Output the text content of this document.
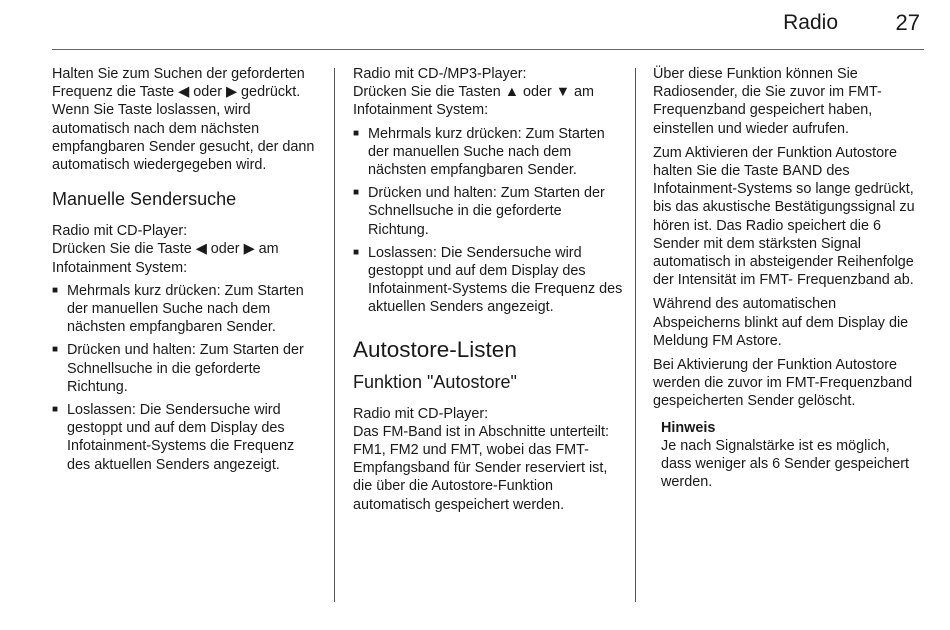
Radio	27

Halten Sie zum Suchen der geforderten Frequenz die Taste ◀ oder ▶ gedrückt. Wenn Sie Taste loslassen, wird automatisch nach dem nächsten empfangbaren Sender gesucht, der dann automatisch wiedergegeben wird.

Manuelle Sendersuche
Radio mit CD-Player:
Drücken Sie die Taste ◀ oder ▶ am Infotainment System:
■ Mehrmals kurz drücken: Zum Starten der manuellen Suche nach dem nächsten empfangbaren Sender.
■ Drücken und halten: Zum Starten der Schnellsuche in die geforderte Richtung.
■ Loslassen: Die Sendersuche wird gestoppt und auf dem Display des Infotainment-Systems die Frequenz des aktuellen Senders angezeigt.
Radio mit CD-/MP3-Player:
Drücken Sie die Tasten ▲ oder ▼ am Infotainment System:
■ Mehrmals kurz drücken: Zum Starten der manuellen Suche nach dem nächsten empfangbaren Sender.
■ Drücken und halten: Zum Starten der Schnellsuche in die geforderte Richtung.
■ Loslassen: Die Sendersuche wird gestoppt und auf dem Display des Infotainment-Systems die Frequenz des aktuellen Senders angezeigt.
Autostore-Listen
Funktion "Autostore"
Radio mit CD-Player:

Das FM-Band ist in Abschnitte unterteilt: FM1, FM2 und FMT, wobei das FMT-Empfangsband für Sender reserviert ist, die über die Autostore-Funktion automatisch gespeichert werden.

Über diese Funktion können Sie Radiosender, die Sie zuvor im FMT-Frequenzband gespeichert haben, einstellen und wieder aufrufen.

Zum Aktivieren der Funktion Autostore halten Sie die Taste BAND des Infotainment-Systems so lange gedrückt, bis das akustische Bestätigungssignal zu hören ist. Das Radio speichert die 6 Sender mit dem stärksten Signal automatisch in absteigender Reihenfolge der Intensität im FMT- Frequenzband ab.

Während des automatischen Abspeicherns blinkt auf dem Display die Meldung FM Astore.

Bei Aktivierung der Funktion Autostore werden die zuvor im FMT-Frequenzband gespeicherten Sender gelöscht.

Hinweis
Je nach Signalstärke ist es möglich, dass weniger als 6 Sender gespeichert werden.
